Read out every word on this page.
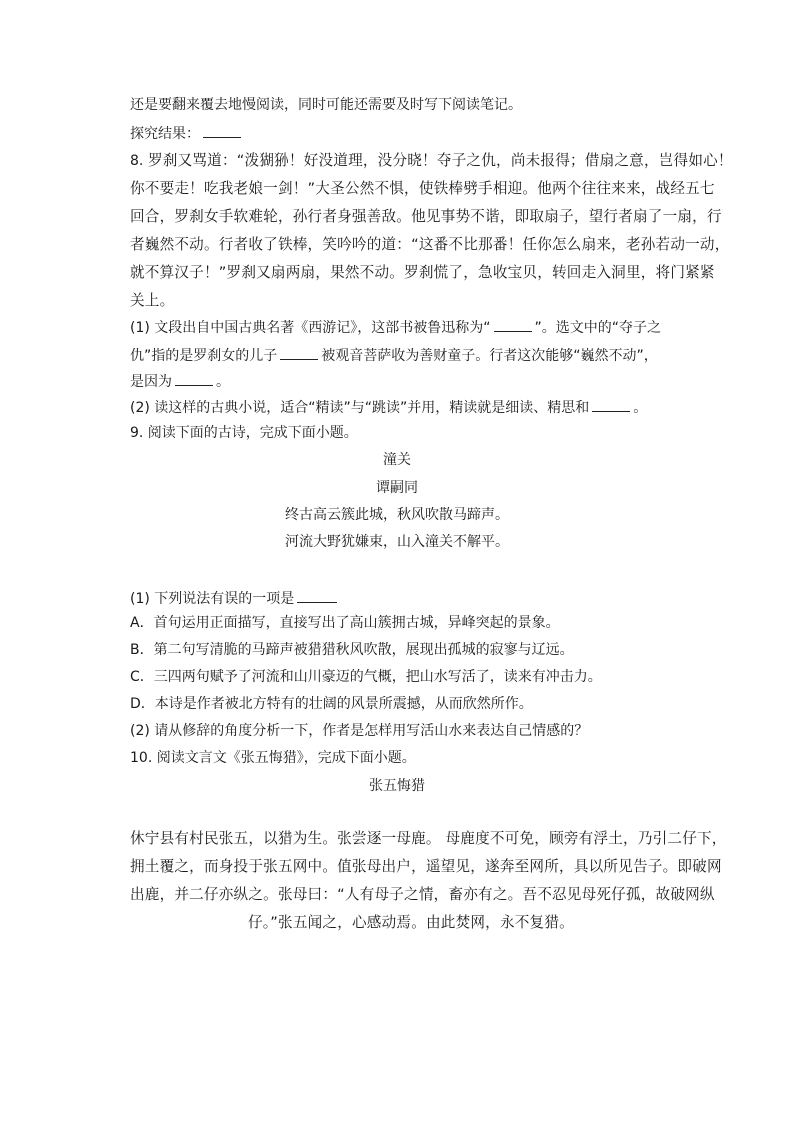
还是要翻来覆去地慢阅读，同时可能还需要及时写下阅读笔记。
探究结果：
8. 罗刹又骂道：“泼猢狲！好没道理，没分晓！夺子之仇，尚未报得；借扇之意，岂得如心！
你不要走！吃我老娘一剑！”大圣公然不惧，使铁棒劈手相迎。他两个往往来来，战经五七
回合，罗刹女手软难轮，孙行者身强善敌。他见事势不谐，即取扇子，望行者扇了一扇，行
者巍然不动。行者收了铁棒，笑吟吟的道：“这番不比那番！任你怎么扇来，老孙若动一动，
就不算汉子！”罗刹又扇两扇，果然不动。罗刹慌了，急收宝贝，转回走入洞里，将门紧紧
关上。
(1) 文段出自中国古典名著《西游记》，这部书被鲁迅称为“	”。选文中的“夺子之
仇”指的是罗刹女的儿子	被观音菩萨收为善财童子。行者这次能够“巍然不动”，
是因为	。
(2) 读这样的古典小说，适合“精读”与“跳读”并用，精读就是细读、精思和	。
9. 阅读下面的古诗，完成下面小题。
潼关
谭嗣同
终古高云簇此城，秋风吹散马蹄声。
河流大野犹嫌束，山入潼关不解平。
(1) 下列说法有误的一项是
A．首句运用正面描写，直接写出了高山簇拥古城，异峰突起的景象。
B．第二句写清脆的马蹄声被猎猎秋风吹散，展现出孤城的寂寥与辽远。
C．三四两句赋予了河流和山川豪迈的气概，把山水写活了，读来有冲击力。
D．本诗是作者被北方特有的壮阔的风景所震撼，从而欣然所作。
(2) 请从修辞的角度分析一下，作者是怎样用写活山水来表达自己情感的？
10. 阅读文言文《张五悔猎》，完成下面小题。
张五悔猎
休宁县有村民张五，以猎为生。张尝逐一母鹿。 母鹿度不可免，顾旁有浮土，乃引二仔下，
拥土覆之，而身投于张五网中。值张母出户，遥望见，遂奔至网所，具以所见告子。即破网
出鹿，并二仔亦纵之。张母曰：“人有母子之情，畜亦有之。吾不忍见母死仔孤，故破网纵
仔。”张五闻之，心感动焉。由此焚网，永不复猎。
